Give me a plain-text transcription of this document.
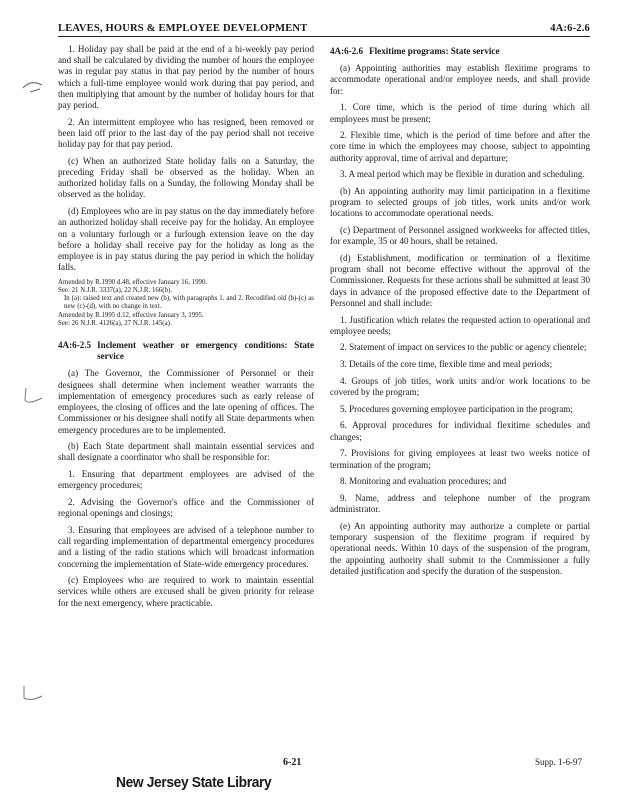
LEAVES, HOURS & EMPLOYEE DEVELOPMENT	4A:6-2.6

1. Holiday pay shall be paid at the end of a bi-weekly pay period and shall be calculated by dividing the number of hours the employee was in regular pay status in that pay period by the number of hours which a full-time employee would work during that pay period, and then multiplying that amount by the number of holiday hours for that pay period.

2. An intermittent employee who has resigned, been removed or been laid off prior to the last day of the pay period shall not receive holiday pay for that pay period.

(c) When an authorized State holiday falls on a Saturday, the preceding Friday shall be observed as the holiday. When an authorized holiday falls on a Sunday, the following Monday shall be observed as the holiday.

(d) Employees who are in pay status on the day immediately before an authorized holiday shall receive pay for the holiday. An employee on a voluntary furlough or a furlough extension leave on the day before a holiday shall receive pay for the holiday as long as the employee is in pay status during the pay period in which the holiday falls.

Amended by R.1990 d.48, effective January 16, 1990.

See: 21 N.J.R. 3337(a), 22 N.J.R. 166(b).

In (a): raised text and created new (b), with paragraphs 1. and 2. Recodified old (b)-(c) as new (c)-(d), with no change in text.

Amended by R.1995 d.12, effective January 3, 1995.

See: 26 N.J.R. 4126(a), 27 N.J.R. 145(a).

4A:6-2.5 Inclement weather or emergency conditions: State service

(a) The Governor, the Commissioner of Personnel or their designees shall determine when inclement weather warrants the implementation of emergency procedures such as early release of employees, the closing of offices and the late opening of offices. The Commissioner or his designee shall notify all State departments when emergency procedures are to be implemented.

(b) Each State department shall maintain essential services and shall designate a coordinator who shall be responsible for:

1. Ensuring that department employees are advised of the emergency procedures;

2. Advising the Governor's office and the Commissioner of regional openings and closings;

3. Ensuring that employees are advised of a telephone number to call regarding implementation of departmental emergency procedures and a listing of the radio stations which will broadcast information concerning the implementation of State-wide emergency procedures.

(c) Employees who are required to work to maintain essential services while others are excused shall be given priority for release for the next emergency, where practicable.

4A:6-2.6 Flexitime programs: State service

(a) Appointing authorities may establish flexitime programs to accommodate operational and/or employee needs, and shall provide for:

1. Core time, which is the period of time during which all employees must be present;

2. Flexible time, which is the period of time before and after the core time in which the employees may choose, subject to appointing authority approval, time of arrival and departure;

3. A meal period which may be flexible in duration and scheduling.

(b) An appointing authority may limit participation in a flexitime program to selected groups of job titles, work units and/or work locations to accommodate operational needs.

(c) Department of Personnel assigned workweeks for affected titles, for example, 35 or 40 hours, shall be retained.

(d) Establishment, modification or termination of a flexitime program shall not become effective without the approval of the Commissioner. Requests for these actions shall be submitted at least 30 days in advance of the proposed effective date to the Department of Personnel and shall include:

1. Justification which relates the requested action to operational and employee needs;

2. Statement of impact on services to the public or agency clientele;

3. Details of the core time, flexible time and meal periods;

4. Groups of job titles, work units and/or work locations to be covered by the program;

5. Procedures governing employee participation in the program;

6. Approval procedures for individual flexitime schedules and changes;

7. Provisions for giving employees at least two weeks notice of termination of the program;

8. Monitoring and evaluation procedures; and

9. Name, address and telephone number of the program administrator.

(e) An appointing authority may authorize a complete or partial temporary suspension of the flexitime program if required by operational needs. Within 10 days of the suspension of the program, the appointing authority shall submit to the Commissioner a fully detailed justification and specify the duration of the suspension.

6-21	Supp. 1-6-97
New Jersey State Library
